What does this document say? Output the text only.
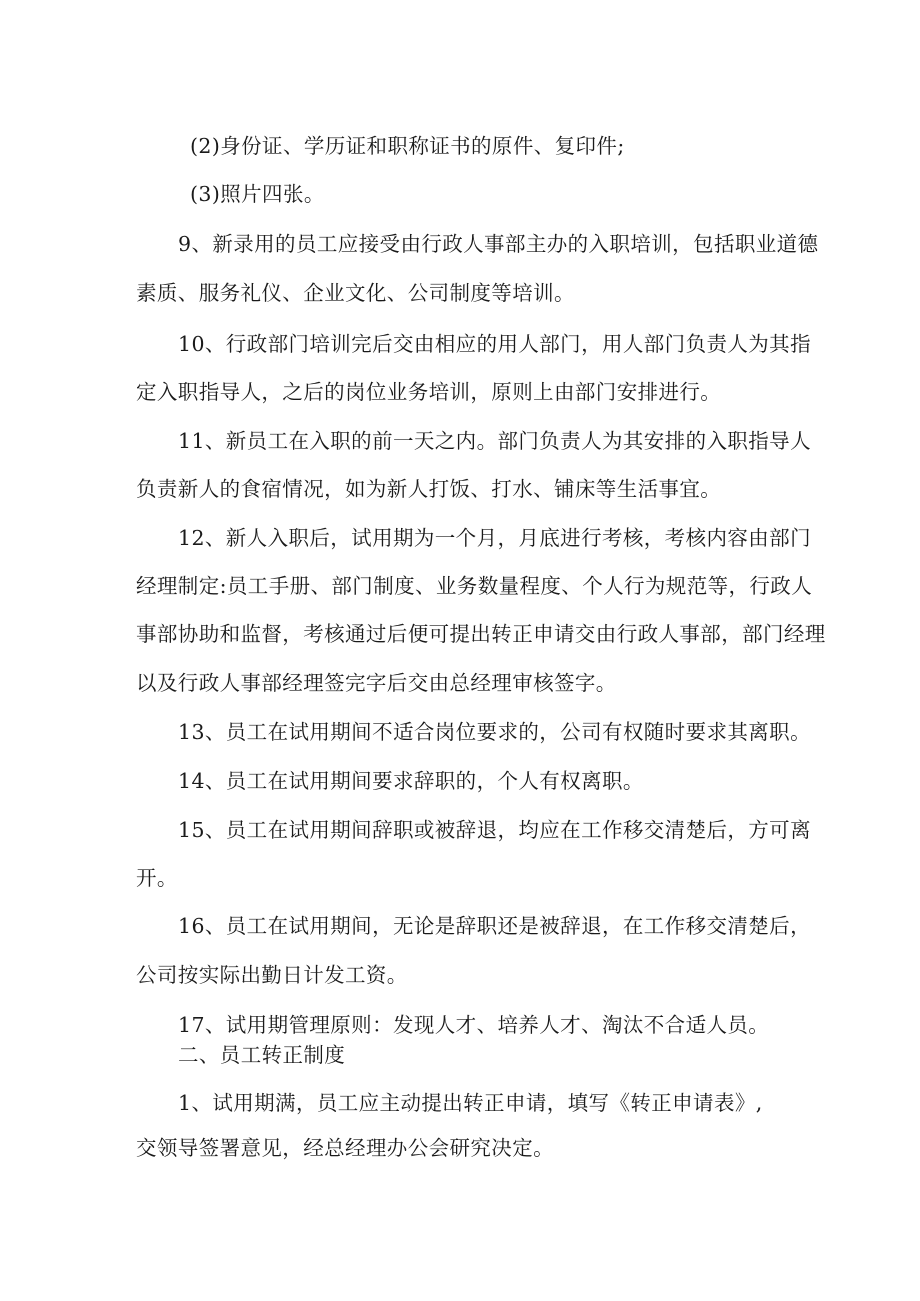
(2)身份证、学历证和职称证书的原件、复印件;
(3)照片四张。
9、新录用的员工应接受由行政人事部主办的入职培训，包括职业道德
素质、服务礼仪、企业文化、公司制度等培训。
10、行政部门培训完后交由相应的用人部门，用人部门负责人为其指
定入职指导人，之后的岗位业务培训，原则上由部门安排进行。
11、新员工在入职的前一天之内。部门负责人为其安排的入职指导人
负责新人的食宿情况，如为新人打饭、打水、铺床等生活事宜。
12、新人入职后，试用期为一个月，月底进行考核，考核内容由部门
经理制定:员工手册、部门制度、业务数量程度、个人行为规范等，行政人
事部协助和监督，考核通过后便可提出转正申请交由行政人事部，部门经理
以及行政人事部经理签完字后交由总经理审核签字。
13、员工在试用期间不适合岗位要求的，公司有权随时要求其离职。
14、员工在试用期间要求辞职的，个人有权离职。
15、员工在试用期间辞职或被辞退，均应在工作移交清楚后，方可离
开。
16、员工在试用期间，无论是辞职还是被辞退，在工作移交清楚后，
公司按实际出勤日计发工资。
17、试用期管理原则：发现人才、培养人才、淘汰不合适人员。
二、员工转正制度
1、试用期满，员工应主动提出转正申请，填写《转正申请表》,
交领导签署意见，经总经理办公会研究决定。
